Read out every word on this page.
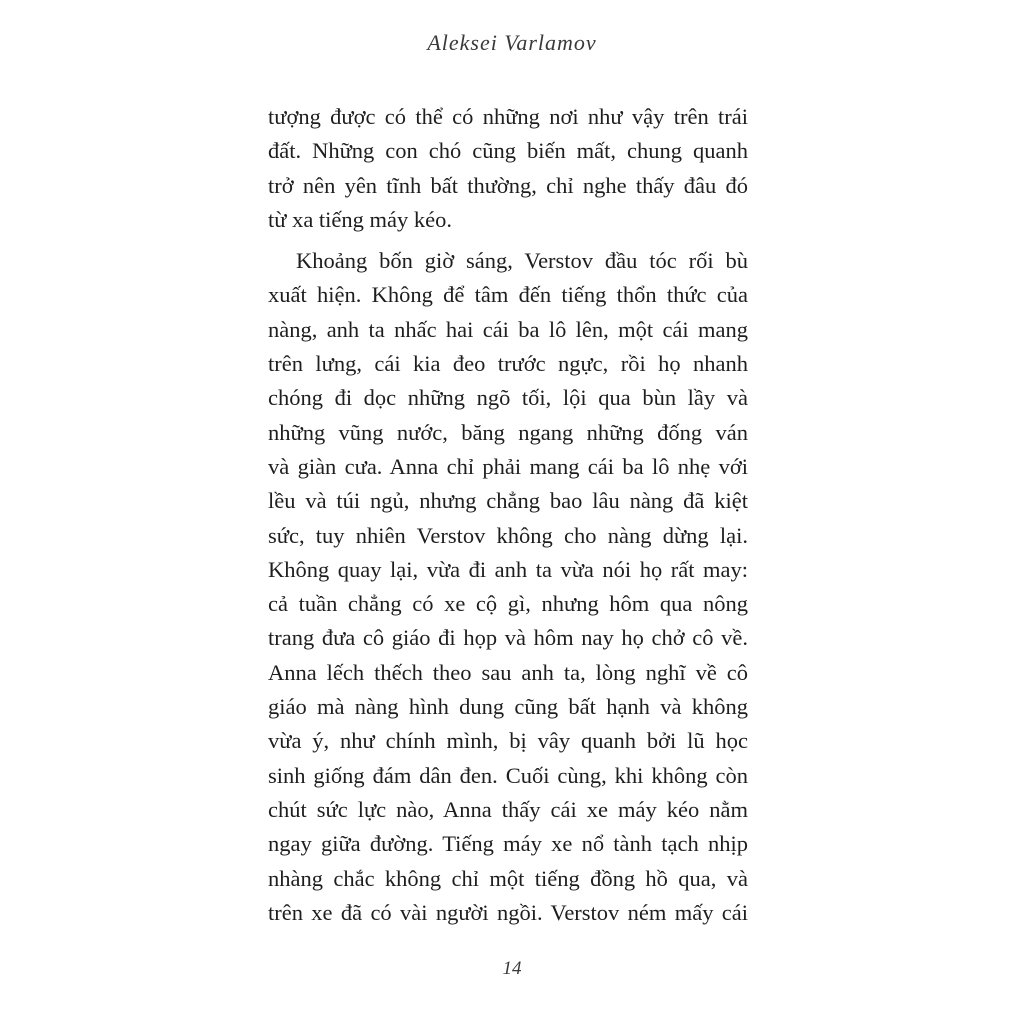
Aleksei Varlamov
tượng được có thể có những nơi như vậy trên trái
đất. Những con chó cũng biến mất, chung quanh
trở nên yên tĩnh bất thường, chỉ nghe thấy đâu đó
từ xa tiếng máy kéo.
Khoảng bốn giờ sáng, Verstov đầu tóc rối bù
xuất hiện. Không để tâm đến tiếng thổn thức của
nàng, anh ta nhấc hai cái ba lô lên, một cái mang
trên lưng, cái kia đeo trước ngực, rồi họ nhanh
chóng đi dọc những ngõ tối, lội qua bùn lầy và
những vũng nước, băng ngang những đống ván
và giàn cưa. Anna chỉ phải mang cái ba lô nhẹ với
lều và túi ngủ, nhưng chẳng bao lâu nàng đã kiệt
sức, tuy nhiên Verstov không cho nàng dừng lại.
Không quay lại, vừa đi anh ta vừa nói họ rất may:
cả tuần chẳng có xe cộ gì, nhưng hôm qua nông
trang đưa cô giáo đi họp và hôm nay họ chở cô về.
Anna lếch thếch theo sau anh ta, lòng nghĩ về cô
giáo mà nàng hình dung cũng bất hạnh và không
vừa ý, như chính mình, bị vây quanh bởi lũ học
sinh giống đám dân đen. Cuối cùng, khi không còn
chút sức lực nào, Anna thấy cái xe máy kéo nằm
ngay giữa đường. Tiếng máy xe nổ tành tạch nhịp
nhàng chắc không chỉ một tiếng đồng hồ qua, và
trên xe đã có vài người ngồi. Verstov ném mấy cái
14
